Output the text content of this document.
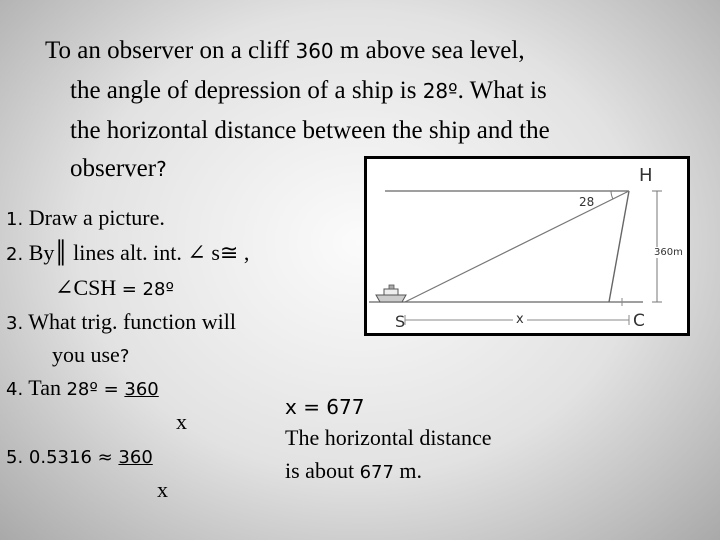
To an observer on a cliff 360 m above sea level,
the angle of depression of a ship is 28º. What is
the horizontal distance between the ship and the
observer?
1. Draw a picture.
2. By║ lines alt. int. ∠ s≅ ,
∠CSH = 28º
3. What trig. function will
you use?
4. Tan 28º = 360
x
5. 0.5316 ≈ 360
x
x = 677
The horizontal distance
is about 677 m.
28
H
360m
S	x	C
